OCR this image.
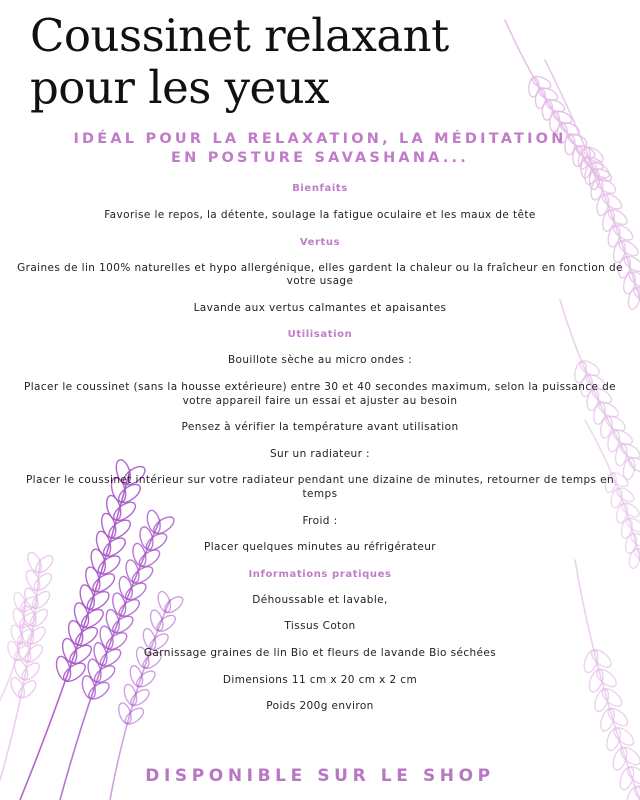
Coussinet relaxant
pour les yeux
IDÉAL POUR LA RELAXATION, LA MÉDITATION
EN POSTURE SAVASHANA...
Bienfaits

Favorise le repos, la détente, soulage la fatigue oculaire et les maux de tête

Vertus

Graines de lin 100% naturelles et hypo allergénique, elles gardent la chaleur ou la fraîcheur en fonction de votre usage

Lavande aux vertus calmantes et apaisantes

Utilisation

Bouillote sèche au micro ondes :

Placer le coussinet (sans la housse extérieure) entre 30 et 40 secondes maximum, selon la puissance de votre appareil faire un essai et ajuster au besoin

Pensez à vérifier la température avant utilisation

Sur un radiateur :

Placer le coussinet intérieur sur votre radiateur pendant une dizaine de minutes, retourner de temps en temps

Froid :

Placer quelques minutes au réfrigérateur

Informations pratiques

Déhoussable et lavable,

Tissus Coton

Garnissage graines de lin Bio et fleurs de lavande Bio séchées

Dimensions 11 cm x 20 cm x 2 cm

Poids 200g environ

DISPONIBLE SUR LE SHOP
